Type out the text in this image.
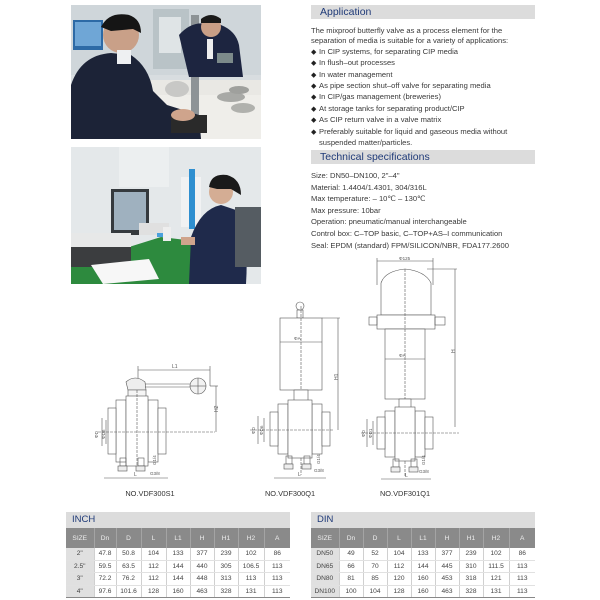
Application
The mixproof butterfly valve as a process element for the
separation of media is suitable for a variety of applications:
◆ In CIP systems, for separating CIP media
◆ In flush–out processes
◆ In water management
◆ As pipe section shut–off valve for separating media
◆ In CIP/gas management (breweries)
◆ At storage tanks for separating product/CIP
◆ As CIP return valve in a valve matrix
◆ Preferably suitable for liquid and gaseous media without
suspended matter/particles.
Technical specifications
Size: DN50–DN100, 2"–4"
Material: 1.4404/1.4301, 304/316L
Max temperature: – 10℃ – 130℃
Max pressure: 10bar
Operation: pneumatic/manual interchangeable
Control box: C–TOP basic, C–TOP+AS–I communication
Seal: EPDM (standard) FPM/SILICON/NBR, FDA177.2600
L1
H2
ΦD ΦDn
L	G3/8
G1/4
NO.VDF300S1
ΦA
H1
ΦD ΦDn
L
G3/8
G1/4
NO.VDF300Q1
Φ125
ΦA
H
ΦD ΦD1
L
G3/8
G1/4
NO.VDF301Q1
INCH
SIZE	Dn	D	L	L1	H	H1	H2	A
2"	47.8	50.8	104	133	377	239	102	86
2.5"	59.5	63.5	112	144	440	305	106.5	113
3"	72.2	76.2	112	144	448	313	113	113
4"	97.6	101.6	128	160	463	328	131	113
DIN
SIZE	Dn	D	L	L1	H	H1	H2	A
DN50	49	52	104	133	377	239	102	86
DN65	66	70	112	144	445	310	111.5	113
DN80	81	85	120	160	453	318	121	113
DN100	100	104	128	160	463	328	131	113
